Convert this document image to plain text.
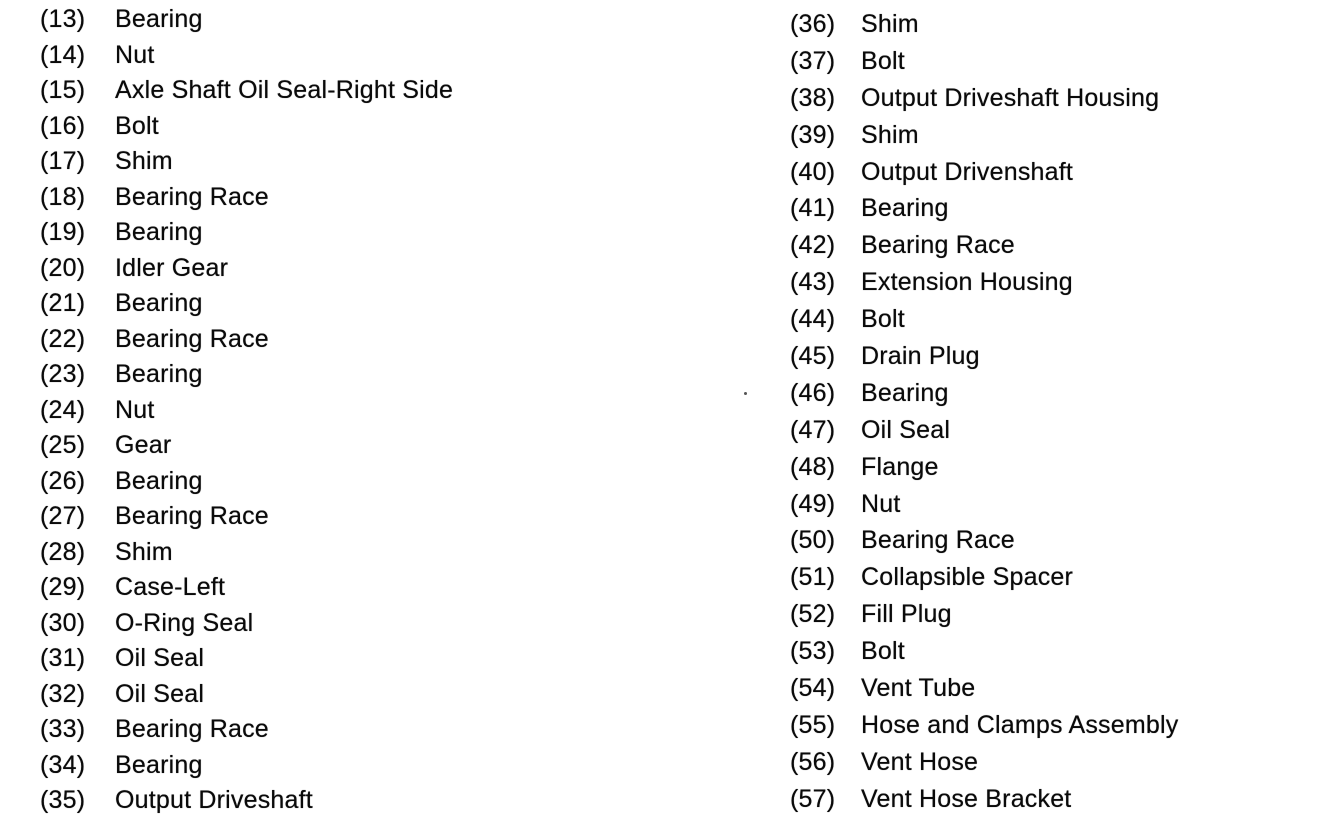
(13)	Bearing
(14)	Nut
(15)	Axle Shaft Oil Seal-Right Side
(16)	Bolt
(17)	Shim
(18)	Bearing Race
(19)	Bearing
(20)	Idler Gear
(21)	Bearing
(22)	Bearing Race
(23)	Bearing
(24)	Nut
(25)	Gear
(26)	Bearing
(27)	Bearing Race
(28)	Shim
(29)	Case-Left
(30)	O-Ring Seal
(31)	Oil Seal
(32)	Oil Seal
(33)	Bearing Race
(34)	Bearing
(35)	Output Driveshaft
(36)	Shim
(37)	Bolt
(38)	Output Driveshaft Housing
(39)	Shim
(40)	Output Drivenshaft
(41)	Bearing
(42)	Bearing Race
(43)	Extension Housing
(44)	Bolt
(45)	Drain Plug
(46)	Bearing
(47)	Oil Seal
(48)	Flange
(49)	Nut
(50)	Bearing Race
(51)	Collapsible Spacer
(52)	Fill Plug
(53)	Bolt
(54)	Vent Tube
(55)	Hose and Clamps Assembly
(56)	Vent Hose
(57)	Vent Hose Bracket
